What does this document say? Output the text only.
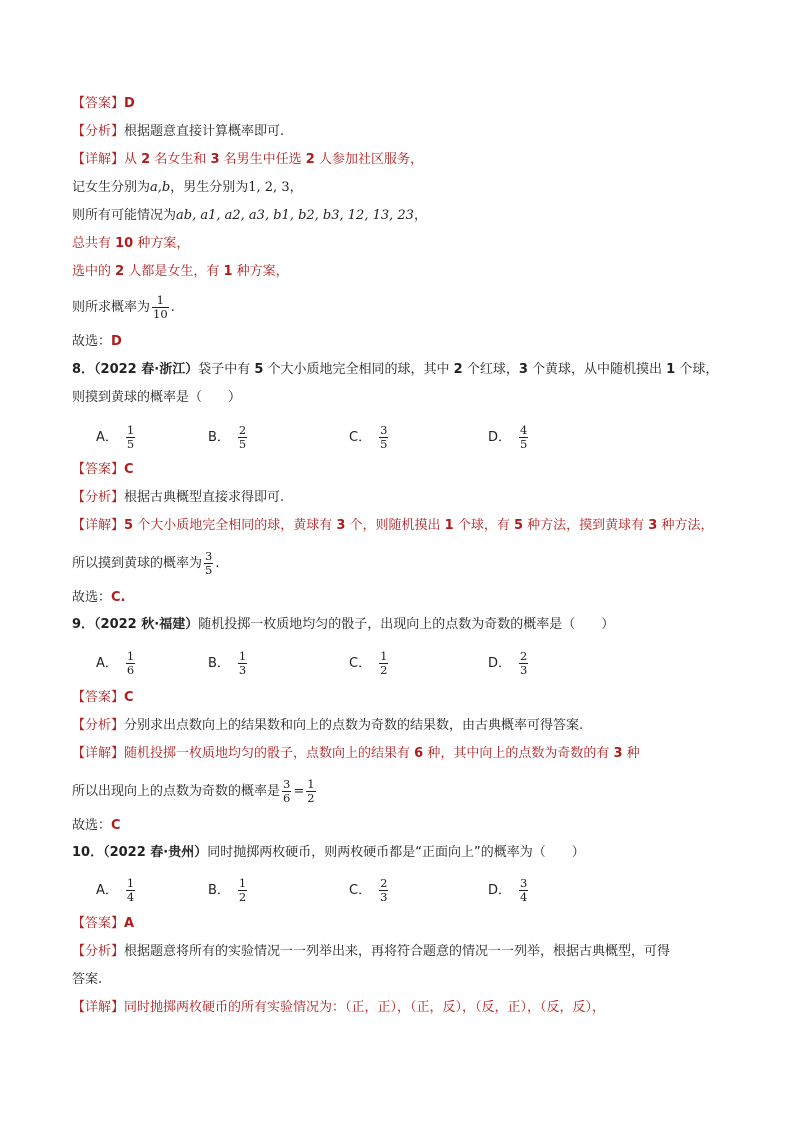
【答案】D
【分析】根据题意直接计算概率即可.
【详解】从 2 名女生和 3 名男生中任选 2 人参加社区服务，
记女生分别为a,b，男生分别为1, 2, 3，
则所有可能情况为ab, a1, a2, a3, b1, b2, b3, 12, 13, 23，
总共有 10 种方案，
选中的 2 人都是女生，有 1 种方案，
则所求概率为 $\frac{1}{10}$ .
故选：D
8．（2022 春·浙江）袋子中有 5 个大小质地完全相同的球，其中 2 个红球，3 个黄球，从中随机摸出 1 个球，
则摸到黄球的概率是（　　）
A． $\frac{1}{5}$	B． $\frac{2}{5}$	C． $\frac{3}{5}$	D． $\frac{4}{5}$
【答案】C
【分析】根据古典概型直接求得即可.
【详解】5 个大小质地完全相同的球，黄球有 3 个，则随机摸出 1 个球，有 5 种方法，摸到黄球有 3 种方法，
所以摸到黄球的概率为 $\frac{3}{5}$ .
故选：C.
9．（2022 秋·福建）随机投掷一枚质地均匀的骰子，出现向上的点数为奇数的概率是（　　）
A． $\frac{1}{6}$	B． $\frac{1}{3}$	C． $\frac{1}{2}$	D． $\frac{2}{3}$
【答案】C
【分析】分别求出点数向上的结果数和向上的点数为奇数的结果数，由古典概率可得答案.
【详解】随机投掷一枚质地均匀的骰子，点数向上的结果有 6 种，其中向上的点数为奇数的有 3 种
所以出现向上的点数为奇数的概率是 $\frac{3}{6} = \frac{1}{2}$
故选：C
10．（2022 春·贵州）同时抛掷两枚硬币，则两枚硬币都是“正面向上”的概率为（　　）
A． $\frac{1}{4}$	B． $\frac{1}{2}$	C． $\frac{2}{3}$	D． $\frac{3}{4}$
【答案】A
【分析】根据题意将所有的实验情况一一列举出来，再将符合题意的情况一一列举，根据古典概型，可得
答案.
【详解】同时抛掷两枚硬币的所有实验情况为：（正，正），（正，反），（反，正），（反，反），
